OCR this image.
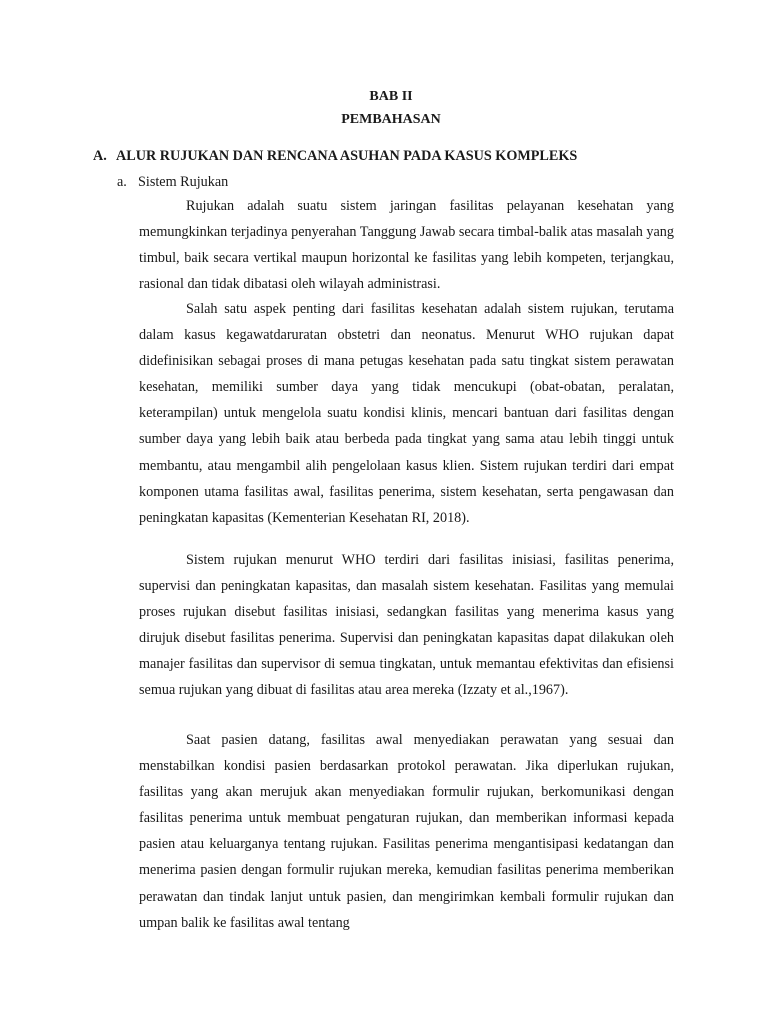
BAB II
PEMBAHASAN
A. ALUR RUJUKAN DAN RENCANA ASUHAN PADA KASUS KOMPLEKS
a. Sistem Rujukan

Rujukan adalah suatu sistem jaringan fasilitas pelayanan kesehatan yang memungkinkan terjadinya penyerahan Tanggung Jawab secara timbal-balik atas masalah yang timbul, baik secara vertikal maupun horizontal ke fasilitas yang lebih kompeten, terjangkau, rasional dan tidak dibatasi oleh wilayah administrasi.

Salah satu aspek penting dari fasilitas kesehatan adalah sistem rujukan, terutama dalam kasus kegawatdaruratan obstetri dan neonatus. Menurut WHO rujukan dapat didefinisikan sebagai proses di mana petugas kesehatan pada satu tingkat sistem perawatan kesehatan, memiliki sumber daya yang tidak mencukupi (obat-obatan, peralatan, keterampilan) untuk mengelola suatu kondisi klinis, mencari bantuan dari fasilitas dengan sumber daya yang lebih baik atau berbeda pada tingkat yang sama atau lebih tinggi untuk membantu, atau mengambil alih pengelolaan kasus klien. Sistem rujukan terdiri dari empat komponen utama fasilitas awal, fasilitas penerima, sistem kesehatan, serta pengawasan dan peningkatan kapasitas (Kementerian Kesehatan RI, 2018).

Sistem rujukan menurut WHO terdiri dari fasilitas inisiasi, fasilitas penerima, supervisi dan peningkatan kapasitas, dan masalah sistem kesehatan. Fasilitas yang memulai proses rujukan disebut fasilitas inisiasi, sedangkan fasilitas yang menerima kasus yang dirujuk disebut fasilitas penerima. Supervisi dan peningkatan kapasitas dapat dilakukan oleh manajer fasilitas dan supervisor di semua tingkatan, untuk memantau efektivitas dan efisiensi semua rujukan yang dibuat di fasilitas atau area mereka (Izzaty et al.,1967).

Saat pasien datang, fasilitas awal menyediakan perawatan yang sesuai dan menstabilkan kondisi pasien berdasarkan protokol perawatan. Jika diperlukan rujukan, fasilitas yang akan merujuk akan menyediakan formulir rujukan, berkomunikasi dengan fasilitas penerima untuk membuat pengaturan rujukan, dan memberikan informasi kepada pasien atau keluarganya tentang rujukan. Fasilitas penerima mengantisipasi kedatangan dan menerima pasien dengan formulir rujukan mereka, kemudian fasilitas penerima memberikan perawatan dan tindak lanjut untuk pasien, dan mengirimkan kembali formulir rujukan dan umpan balik ke fasilitas awal tentang
